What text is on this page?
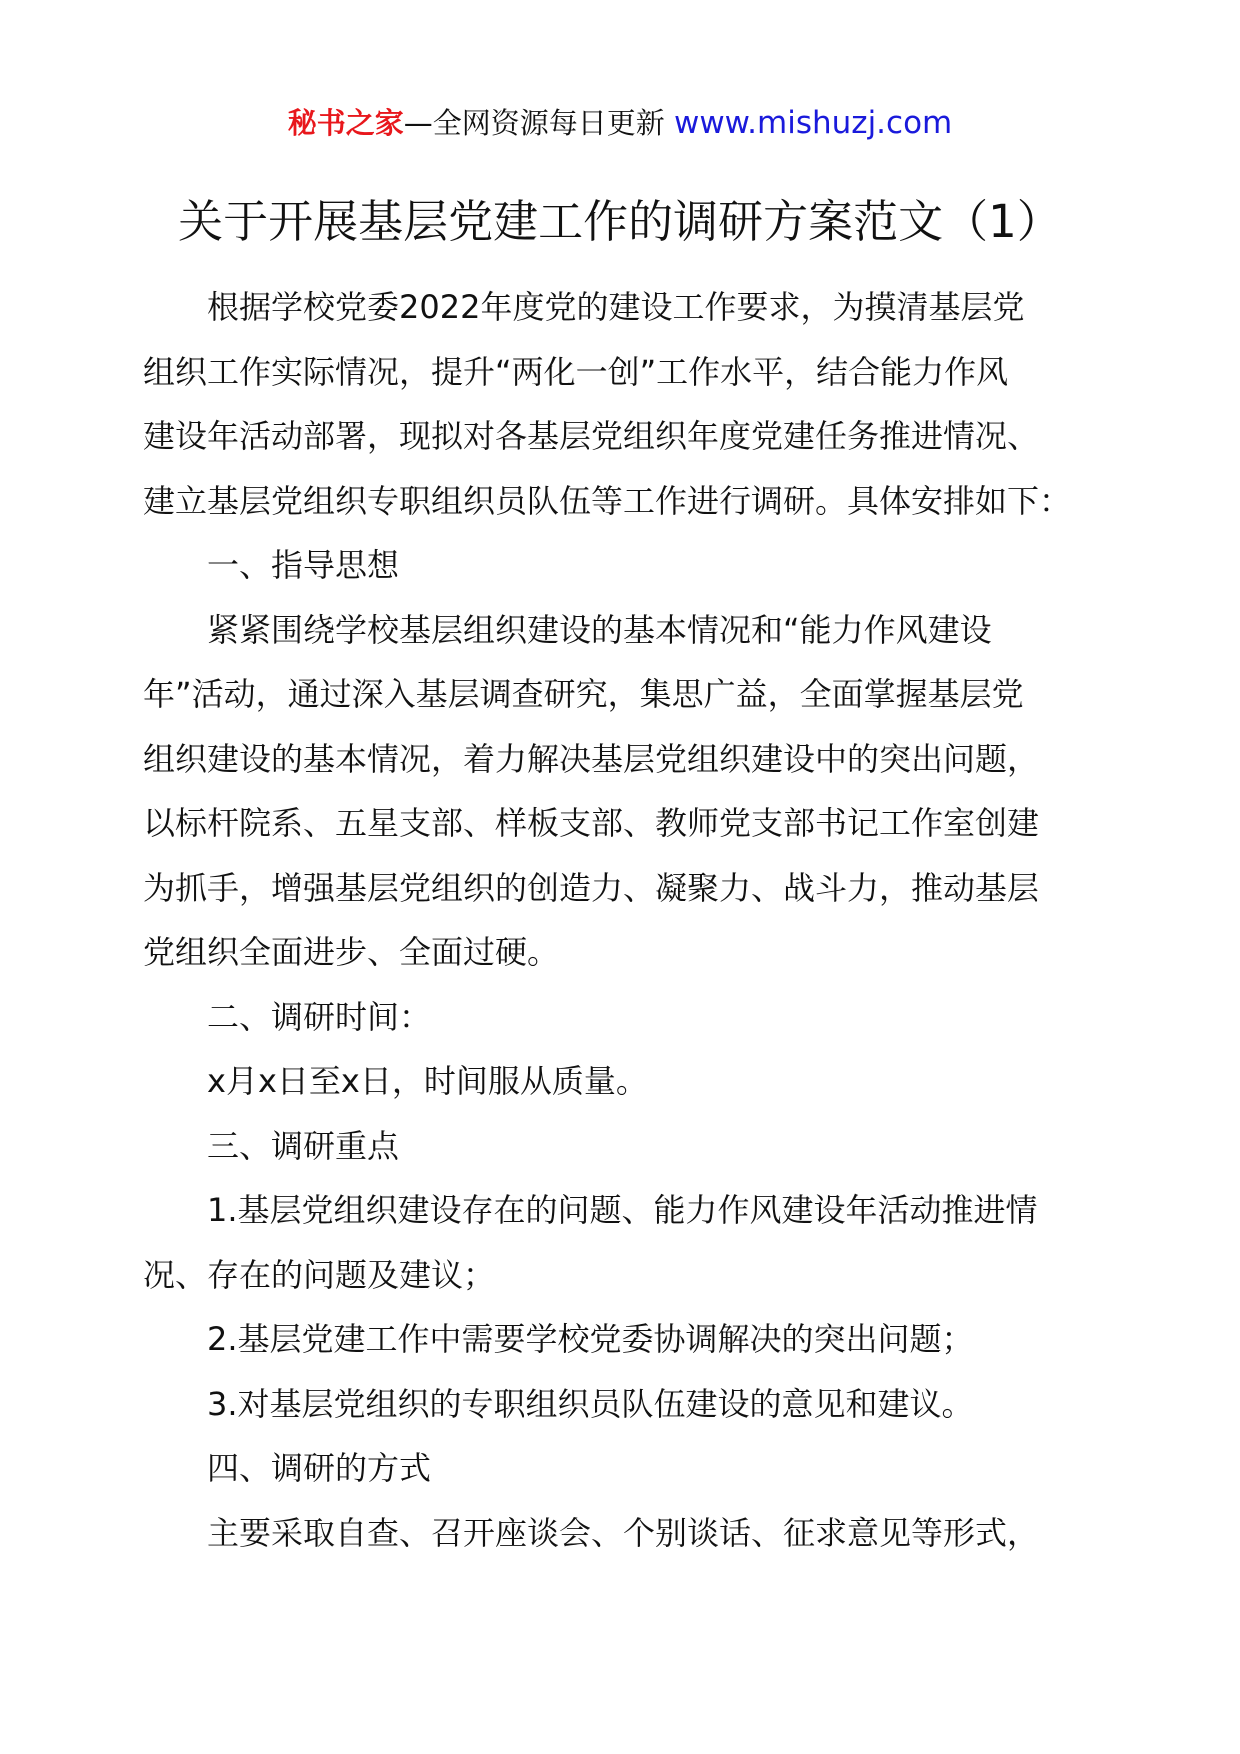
秘书之家—全网资源每日更新 www.mishuzj.com
关于开展基层党建工作的调研方案范文（1）

根据学校党委2022年度党的建设工作要求，为摸清基层党
组织工作实际情况，提升“两化一创”工作水平，结合能力作风
建设年活动部署，现拟对各基层党组织年度党建任务推进情况、
建立基层党组织专职组织员队伍等工作进行调研。具体安排如下：

一、指导思想

紧紧围绕学校基层组织建设的基本情况和“能力作风建设
年”活动，通过深入基层调查研究，集思广益，全面掌握基层党
组织建设的基本情况，着力解决基层党组织建设中的突出问题，
以标杆院系、五星支部、样板支部、教师党支部书记工作室创建
为抓手，增强基层党组织的创造力、凝聚力、战斗力，推动基层
党组织全面进步、全面过硬。

二、调研时间：

x月x日至x日，时间服从质量。

三、调研重点

1.基层党组织建设存在的问题、能力作风建设年活动推进情
况、存在的问题及建议；

2.基层党建工作中需要学校党委协调解决的突出问题；

3.对基层党组织的专职组织员队伍建设的意见和建议。

四、调研的方式

主要采取自查、召开座谈会、个别谈话、征求意见等形式，
